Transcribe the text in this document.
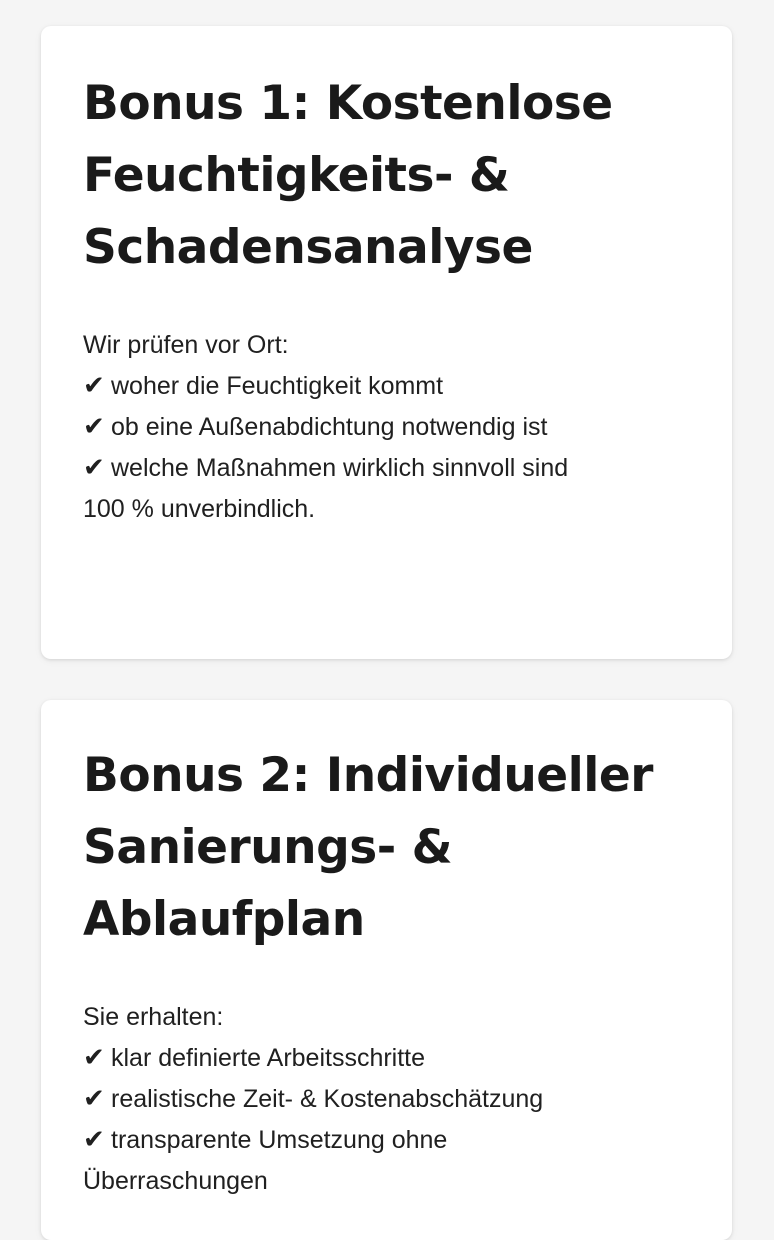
Bonus 1: Kostenlose
Feuchtigkeits- &
Schadensanalyse
Wir prüfen vor Ort:
✔ woher die Feuchtigkeit kommt
✔ ob eine Außenabdichtung notwendig ist
✔ welche Maßnahmen wirklich sinnvoll sind
100 % unverbindlich.
Bonus 2: Individueller
Sanierungs- & Ablaufplan
Sie erhalten:
✔ klar definierte Arbeitsschritte
✔ realistische Zeit- & Kostenabschätzung
✔ transparente Umsetzung ohne
Überraschungen
